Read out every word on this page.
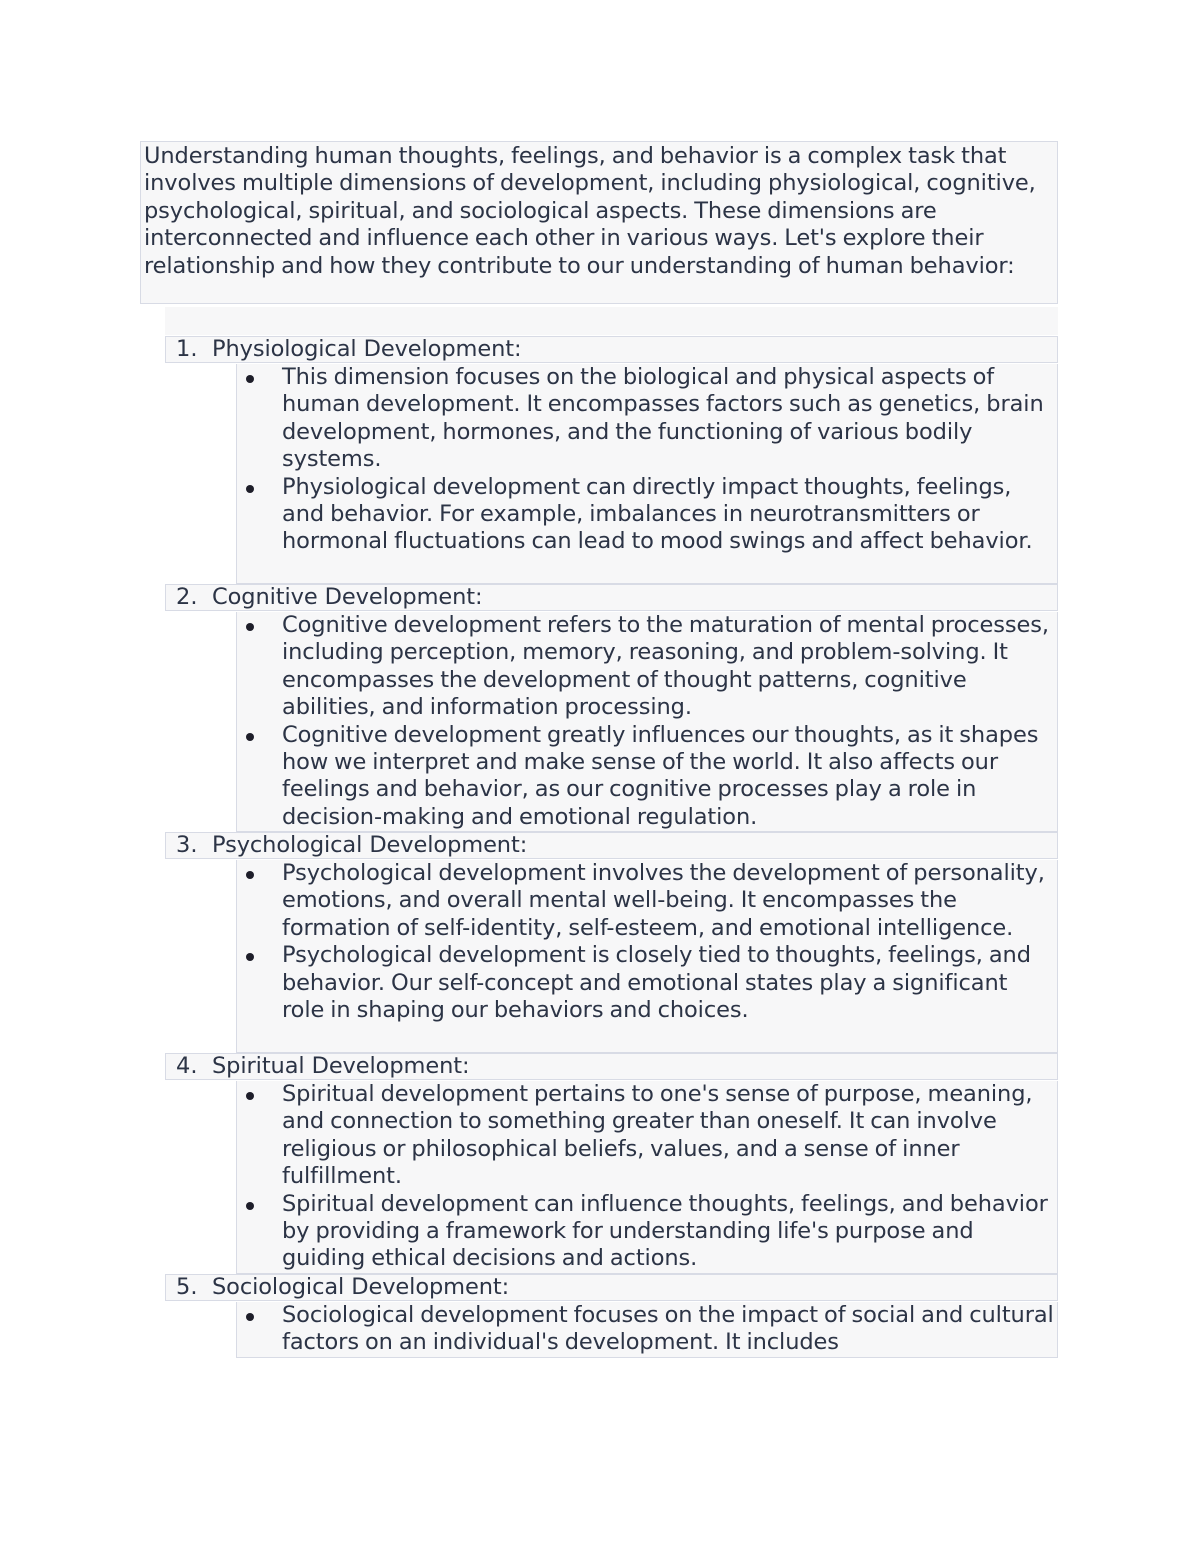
Understanding human thoughts, feelings, and behavior is a complex task that involves multiple dimensions of development, including physiological, cognitive, psychological, spiritual, and sociological aspects. These dimensions are interconnected and influence each other in various ways. Let's explore their relationship and how they contribute to our understanding of human behavior:
1. Physiological Development:
This dimension focuses on the biological and physical aspects of human development. It encompasses factors such as genetics, brain development, hormones, and the functioning of various bodily systems.
Physiological development can directly impact thoughts, feelings, and behavior. For example, imbalances in neurotransmitters or hormonal fluctuations can lead to mood swings and affect behavior.
2. Cognitive Development:
Cognitive development refers to the maturation of mental processes, including perception, memory, reasoning, and problem-solving. It encompasses the development of thought patterns, cognitive abilities, and information processing.
Cognitive development greatly influences our thoughts, as it shapes how we interpret and make sense of the world. It also affects our feelings and behavior, as our cognitive processes play a role in decision-making and emotional regulation.
3. Psychological Development:
Psychological development involves the development of personality, emotions, and overall mental well-being. It encompasses the formation of self-identity, self-esteem, and emotional intelligence.
Psychological development is closely tied to thoughts, feelings, and behavior. Our self-concept and emotional states play a significant role in shaping our behaviors and choices.
4. Spiritual Development:
Spiritual development pertains to one's sense of purpose, meaning, and connection to something greater than oneself. It can involve religious or philosophical beliefs, values, and a sense of inner fulfillment.
Spiritual development can influence thoughts, feelings, and behavior by providing a framework for understanding life's purpose and guiding ethical decisions and actions.
5. Sociological Development:
Sociological development focuses on the impact of social and cultural factors on an individual's development. It includes
